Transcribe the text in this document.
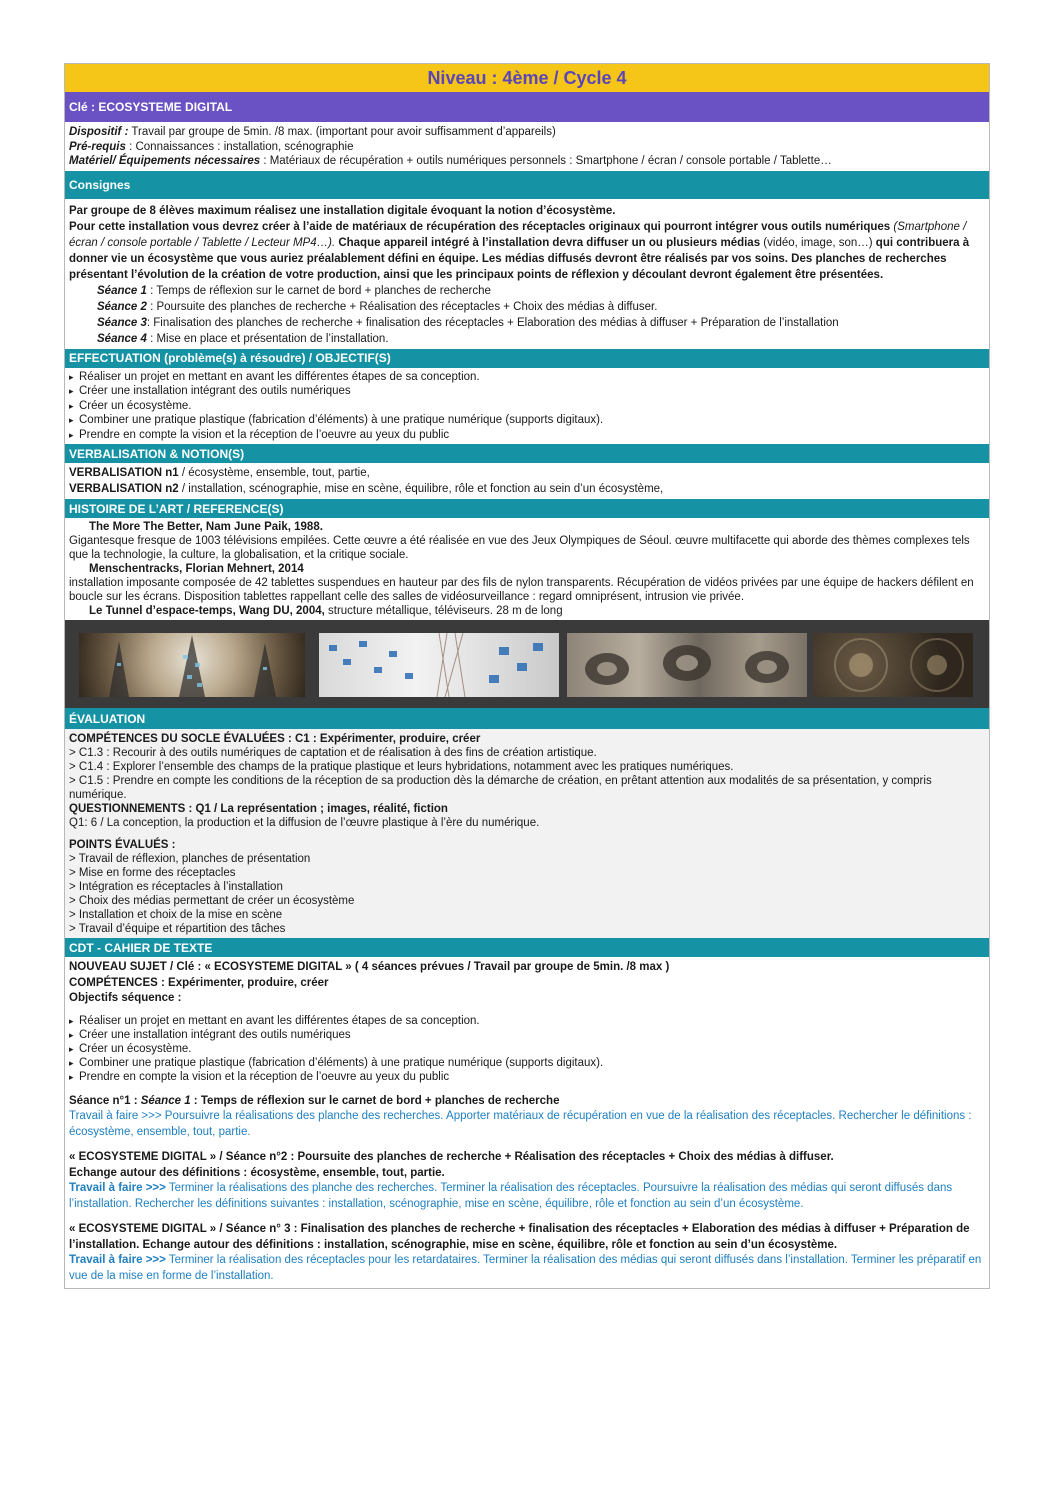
Niveau : 4ème / Cycle 4
Clé : ECOSYSTEME DIGITAL

Dispositif : Travail par groupe de 5min. /8 max. (important pour avoir suffisamment d’appareils)

Pré-requis : Connaissances : installation, scénographie

Matériel/ Équipements nécessaires : Matériaux de récupération + outils numériques personnels : Smartphone / écran / console portable / Tablette…

Consignes

Par groupe de 8 élèves maximum réalisez une installation digitale évoquant la notion d’écosystème.

Pour cette installation vous devrez créer à l’aide de matériaux de récupération des réceptacles originaux qui pourront intégrer vous outils numériques (Smartphone / écran / console portable / Tablette / Lecteur MP4…). Chaque appareil intégré à l’installation devra diffuser un ou plusieurs médias (vidéo, image, son…) qui contribuera à donner vie un écosystème que vous auriez préalablement défini en équipe. Les médias diffusés devront être réalisés par vos soins. Des planches de recherches présentant l’évolution de la création de votre production, ainsi que les principaux points de réflexion y découlant devront également être présentées.

Séance 1 : Temps de réflexion sur le carnet de bord + planches de recherche

Séance 2 : Poursuite des planches de recherche + Réalisation des réceptacles + Choix des médias à diffuser.

Séance 3: Finalisation des planches de recherche + finalisation des réceptacles + Elaboration des médias à diffuser + Préparation de l’installation

Séance 4 : Mise en place et présentation de l’installation.

EFFECTUATION (problème(s) à résoudre) / OBJECTIF(S)
▸ Réaliser un projet en mettant en avant les différentes étapes de sa conception.
▸ Créer une installation intégrant des outils numériques
▸ Créer un écosystème.
▸ Combiner une pratique plastique (fabrication d’éléments) à une pratique numérique (supports digitaux).
▸ Prendre en compte la vision et la réception de l’oeuvre au yeux du public
VERBALISATION & NOTION(S)

VERBALISATION n1 / écosystème, ensemble, tout, partie,

VERBALISATION n2 / installation, scénographie, mise en scène, équilibre, rôle et fonction au sein d’un écosystème,

HISTOIRE DE L’ART / REFERENCE(S)

The More The Better, Nam June Paik, 1988.

Gigantesque fresque de 1003 télévisions empilées. Cette œuvre a été réalisée en vue des Jeux Olympiques de Séoul. œuvre multifacette qui aborde des thèmes complexes tels que la technologie, la culture, la globalisation, et la critique sociale.

Menschentracks, Florian Mehnert, 2014

installation imposante composée de 42 tablettes suspendues en hauteur par des fils de nylon transparents. Récupération de vidéos privées par une équipe de hackers défilent en boucle sur les écrans. Disposition tablettes rappellant celle des salles de vidéosurveillance : regard omniprésent, intrusion vie privée.

Le Tunnel d’espace-temps, Wang DU, 2004, structure métallique, téléviseurs. 28 m de long

ÉVALUATION

COMPÉTENCES DU SOCLE ÉVALUÉES : C1 : Expérimenter, produire, créer

> C1.3 : Recourir à des outils numériques de captation et de réalisation à des fins de création artistique.

> C1.4 : Explorer l’ensemble des champs de la pratique plastique et leurs hybridations, notamment avec les pratiques numériques.

> C1.5 : Prendre en compte les conditions de la réception de sa production dès la démarche de création, en prêtant attention aux modalités de sa présentation, y compris numérique.

QUESTIONNEMENTS : Q1 / La représentation ; images, réalité, fiction

Q1: 6 / La conception, la production et la diffusion de l’œuvre plastique à l’ère du numérique.

POINTS ÉVALUÉS :

> Travail de réflexion, planches de présentation

> Mise en forme des réceptacles

> Intégration es réceptacles à l’installation

> Choix des médias permettant de créer un écosystème

> Installation et choix de la mise en scène

> Travail d’équipe et répartition des tâches

CDT - CAHIER DE TEXTE

NOUVEAU SUJET / Clé : « ECOSYSTEME DIGITAL » ( 4 séances prévues / Travail par groupe de 5min. /8 max )

COMPÉTENCES : Expérimenter, produire, créer

Objectifs séquence :

▸ Réaliser un projet en mettant en avant les différentes étapes de sa conception.
▸ Créer une installation intégrant des outils numériques
▸ Créer un écosystème.
▸ Combiner une pratique plastique (fabrication d’éléments) à une pratique numérique (supports digitaux).
▸ Prendre en compte la vision et la réception de l’oeuvre au yeux du public

Séance n°1 : Séance 1 : Temps de réflexion sur le carnet de bord + planches de recherche

Travail à faire >>> Poursuivre la réalisations des planche des recherches. Apporter matériaux de récupération en vue de la réalisation des réceptacles. Rechercher le définitions : écosystème, ensemble, tout, partie.

« ECOSYSTEME DIGITAL » / Séance n°2 : Poursuite des planches de recherche + Réalisation des réceptacles + Choix des médias à diffuser.

Echange autour des définitions : écosystème, ensemble, tout, partie.

Travail à faire >>> Terminer la réalisations des planche des recherches. Terminer la réalisation des réceptacles. Poursuivre la réalisation des médias qui seront diffusés dans l’installation. Rechercher les définitions suivantes : installation, scénographie, mise en scène, équilibre, rôle et fonction au sein d’un écosystème.

« ECOSYSTEME DIGITAL » / Séance n° 3 : Finalisation des planches de recherche + finalisation des réceptacles + Elaboration des médias à diffuser + Préparation de l’installation. Echange autour des définitions : installation, scénographie, mise en scène, équilibre, rôle et fonction au sein d’un écosystème.

Travail à faire >>> Terminer la réalisation des réceptacles pour les retardataires. Terminer la réalisation des médias qui seront diffusés dans l’installation. Terminer les préparatif en vue de la mise en forme de l’installation.
